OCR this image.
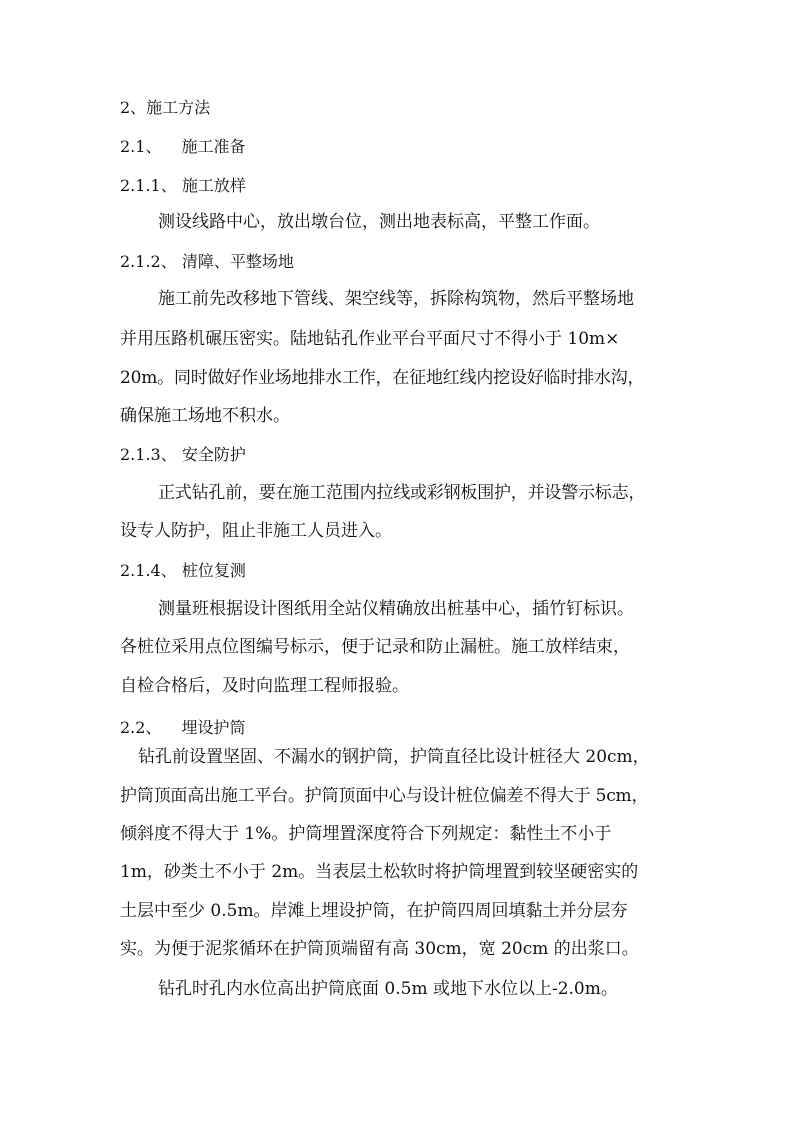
2、施工方法
2.1、 施工准备
2.1.1、 施工放样
测设线路中心，放出墩台位，测出地表标高，平整工作面。
2.1.2、 清障、平整场地
施工前先改移地下管线、架空线等，拆除构筑物，然后平整场地
并用压路机碾压密实。陆地钻孔作业平台平面尺寸不得小于 10m×
20m。同时做好作业场地排水工作，在征地红线内挖设好临时排水沟，
确保施工场地不积水。
2.1.3、 安全防护
正式钻孔前，要在施工范围内拉线或彩钢板围护，并设警示标志，
设专人防护，阻止非施工人员进入。
2.1.4、 桩位复测
测量班根据设计图纸用全站仪精确放出桩基中心，插竹钉标识。
各桩位采用点位图编号标示，便于记录和防止漏桩。施工放样结束，
自检合格后，及时向监理工程师报验。
2.2、 埋设护筒
钻孔前设置坚固、不漏水的钢护筒，护筒直径比设计桩径大 20cm，
护筒顶面高出施工平台。护筒顶面中心与设计桩位偏差不得大于 5cm，
倾斜度不得大于 1%。护筒埋置深度符合下列规定：黏性土不小于
1m，砂类土不小于 2m。当表层土松软时将护筒埋置到较坚硬密实的
土层中至少 0.5m。岸滩上埋设护筒，在护筒四周回填黏土并分层夯
实。为便于泥浆循环在护筒顶端留有高 30cm，宽 20cm 的出浆口。
钻孔时孔内水位高出护筒底面 0.5m 或地下水位以上-2.0m。
